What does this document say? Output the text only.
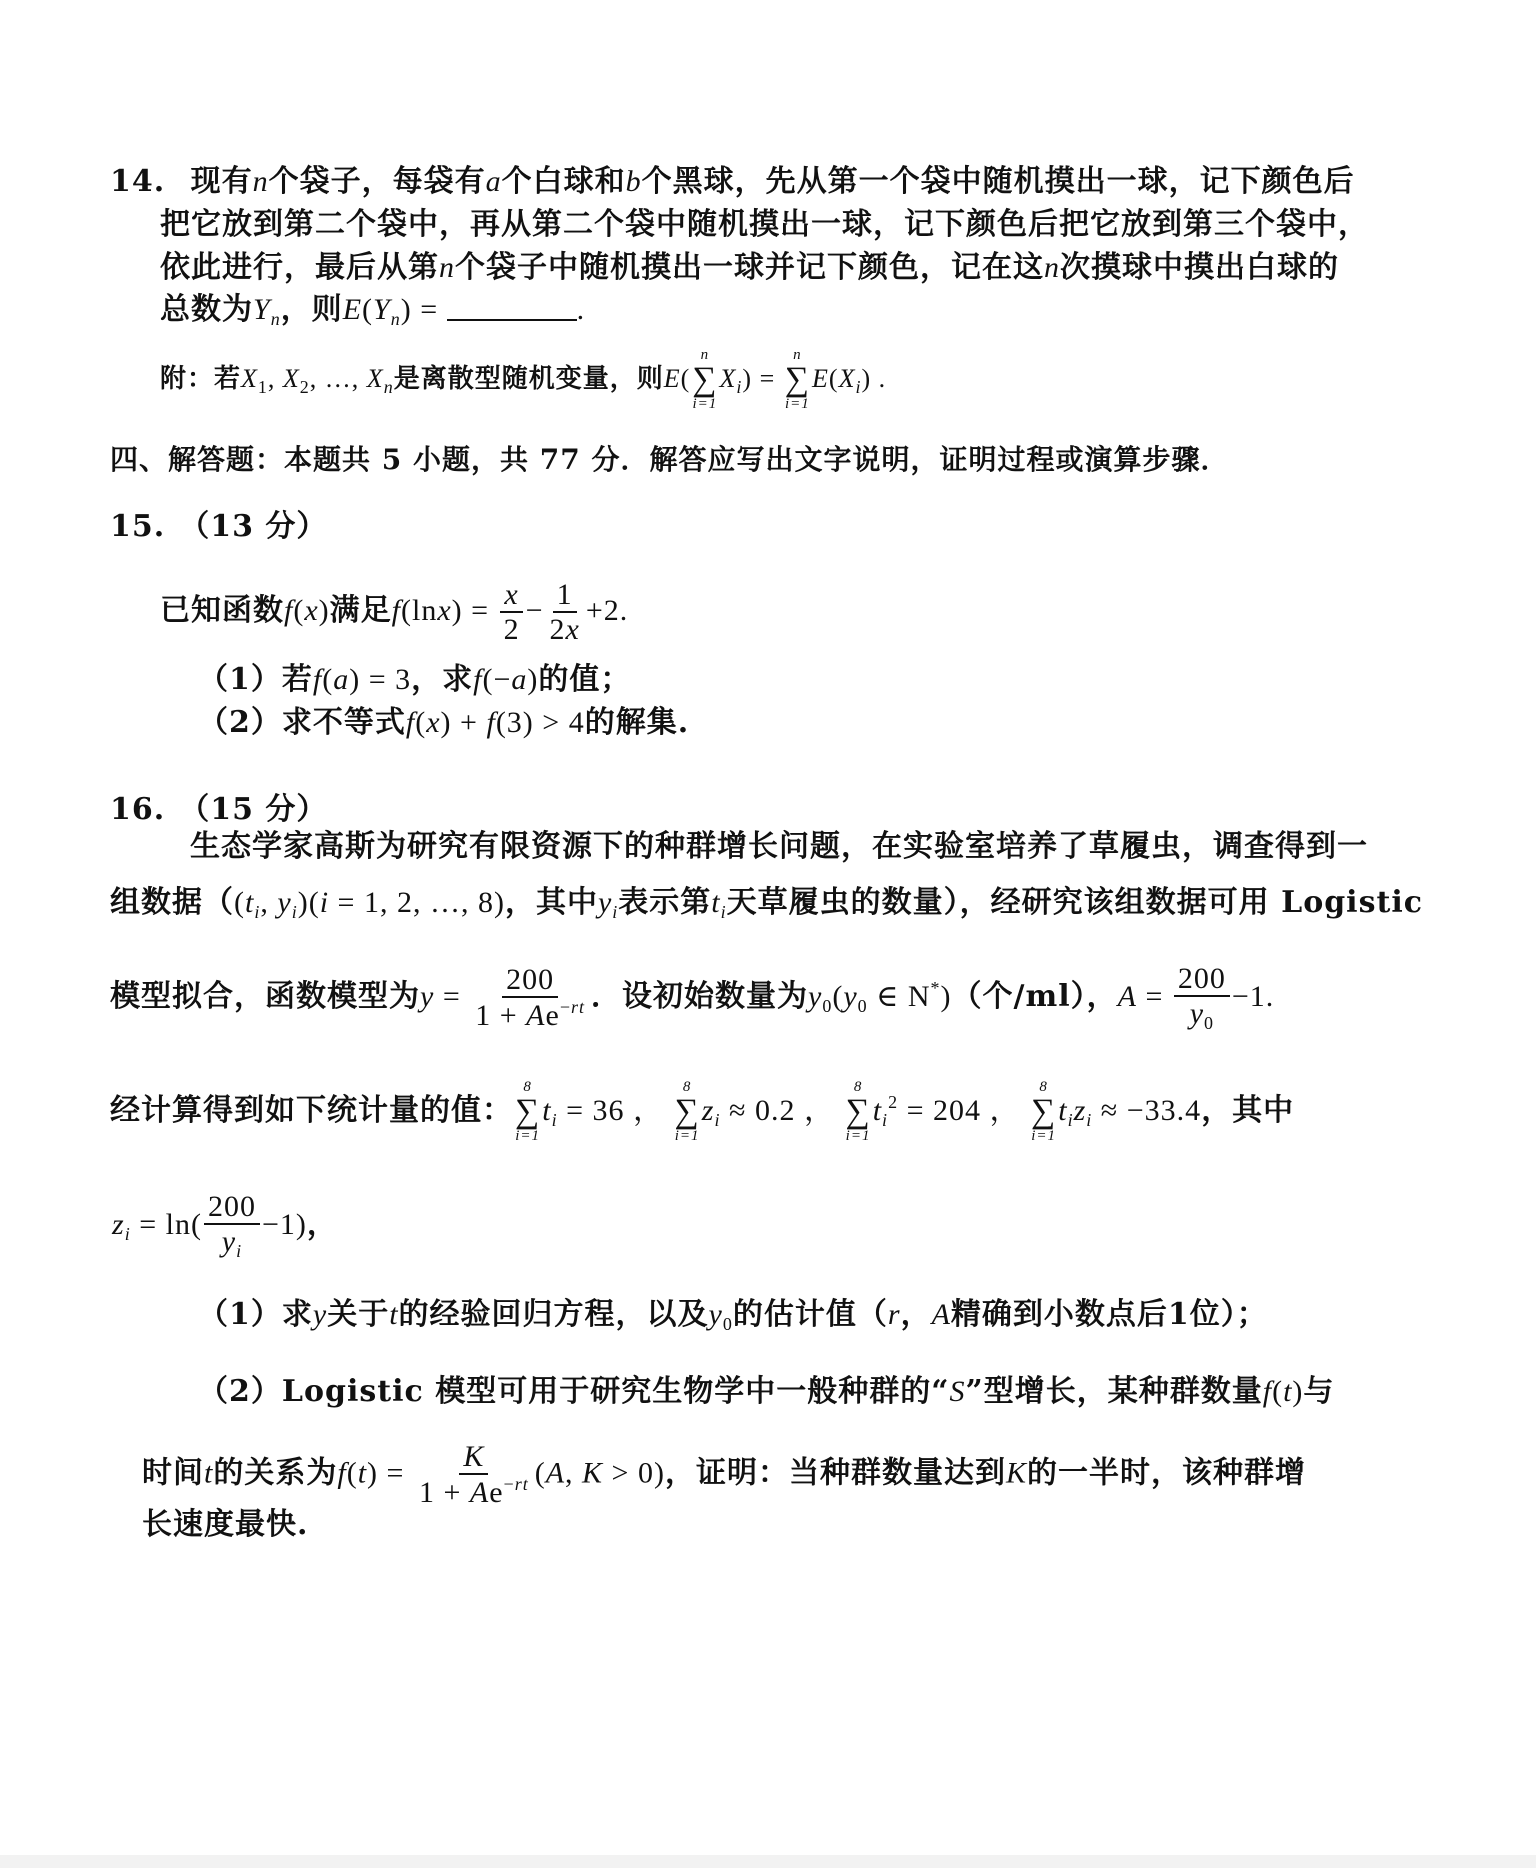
14. 现有n个袋子，每袋有a个白球和b个黑球，先从第一个袋中随机摸出一球，记下颜色后
把它放到第二个袋中，再从第二个袋中随机摸出一球，记下颜色后把它放到第三个袋中，
依此进行，最后从第n个袋子中随机摸出一球并记下颜色，记在这n次摸球中摸出白球的
总数为$Y_n$，则$E(Y_n)$ =	.
附：若$X_1$, $X_2$, …, $X_n$是离散型随机变量，则E(
n
∑
i=1
$X_i$) =
n
∑
i=1
$E(X_i)$ .
四、解答题：本题共 5 小题，共 77 分．解答应写出文字说明，证明过程或演算步骤．
15. （13 分）
已知函数f(x)满足$f(\ln x) = \frac{x}{2} - \frac{1}{2x} +2$.
（1）若f(a) = 3，求f(−a)的值；
（2）求不等式f(x) + f(3) > 4的解集.
16. （15 分）
生态学家高斯为研究有限资源下的种群增长问题，在实验室培养了草履虫，调查得到一
组数据（($t_i$, $y_i)(i = 1$, 2, …, 8)，其中$y_i$表示第$t_i$天草履虫的数量），经研究该组数据可用 Logistic
模型拟合，函数模型为$y = \frac{200}{1 + Ae^{-rt}}$ ．设初始数量为$y_0(y_0$ ∈ N*)（个/ml），$A = \frac{200}{y_0} -1$.
经计算得到如下统计量的值：
8
∑
i=1
$t_i = 36$ ，
8
∑
i=1
$z_i \approx 0.2$ ，
8
∑
i=1
$t_i^2 = 204$ ，
8
∑
i=1
$t_iz_i \approx -33.4$，其中
$z_i = \ln( \frac{200}{y_i} -1)$，
（1）求y关于t的经验回归方程，以及$y_0$的估计值（r，A精确到小数点后1位）；
（2）Logistic 模型可用于研究生物学中一般种群的“S”型增长，某种群数量f(t)与
时间t的关系为$f(t) = \frac{K}{1 + Ae^{-rt}} (A$, K > 0)，证明：当种群数量达到K的一半时，该种群增
长速度最快.
